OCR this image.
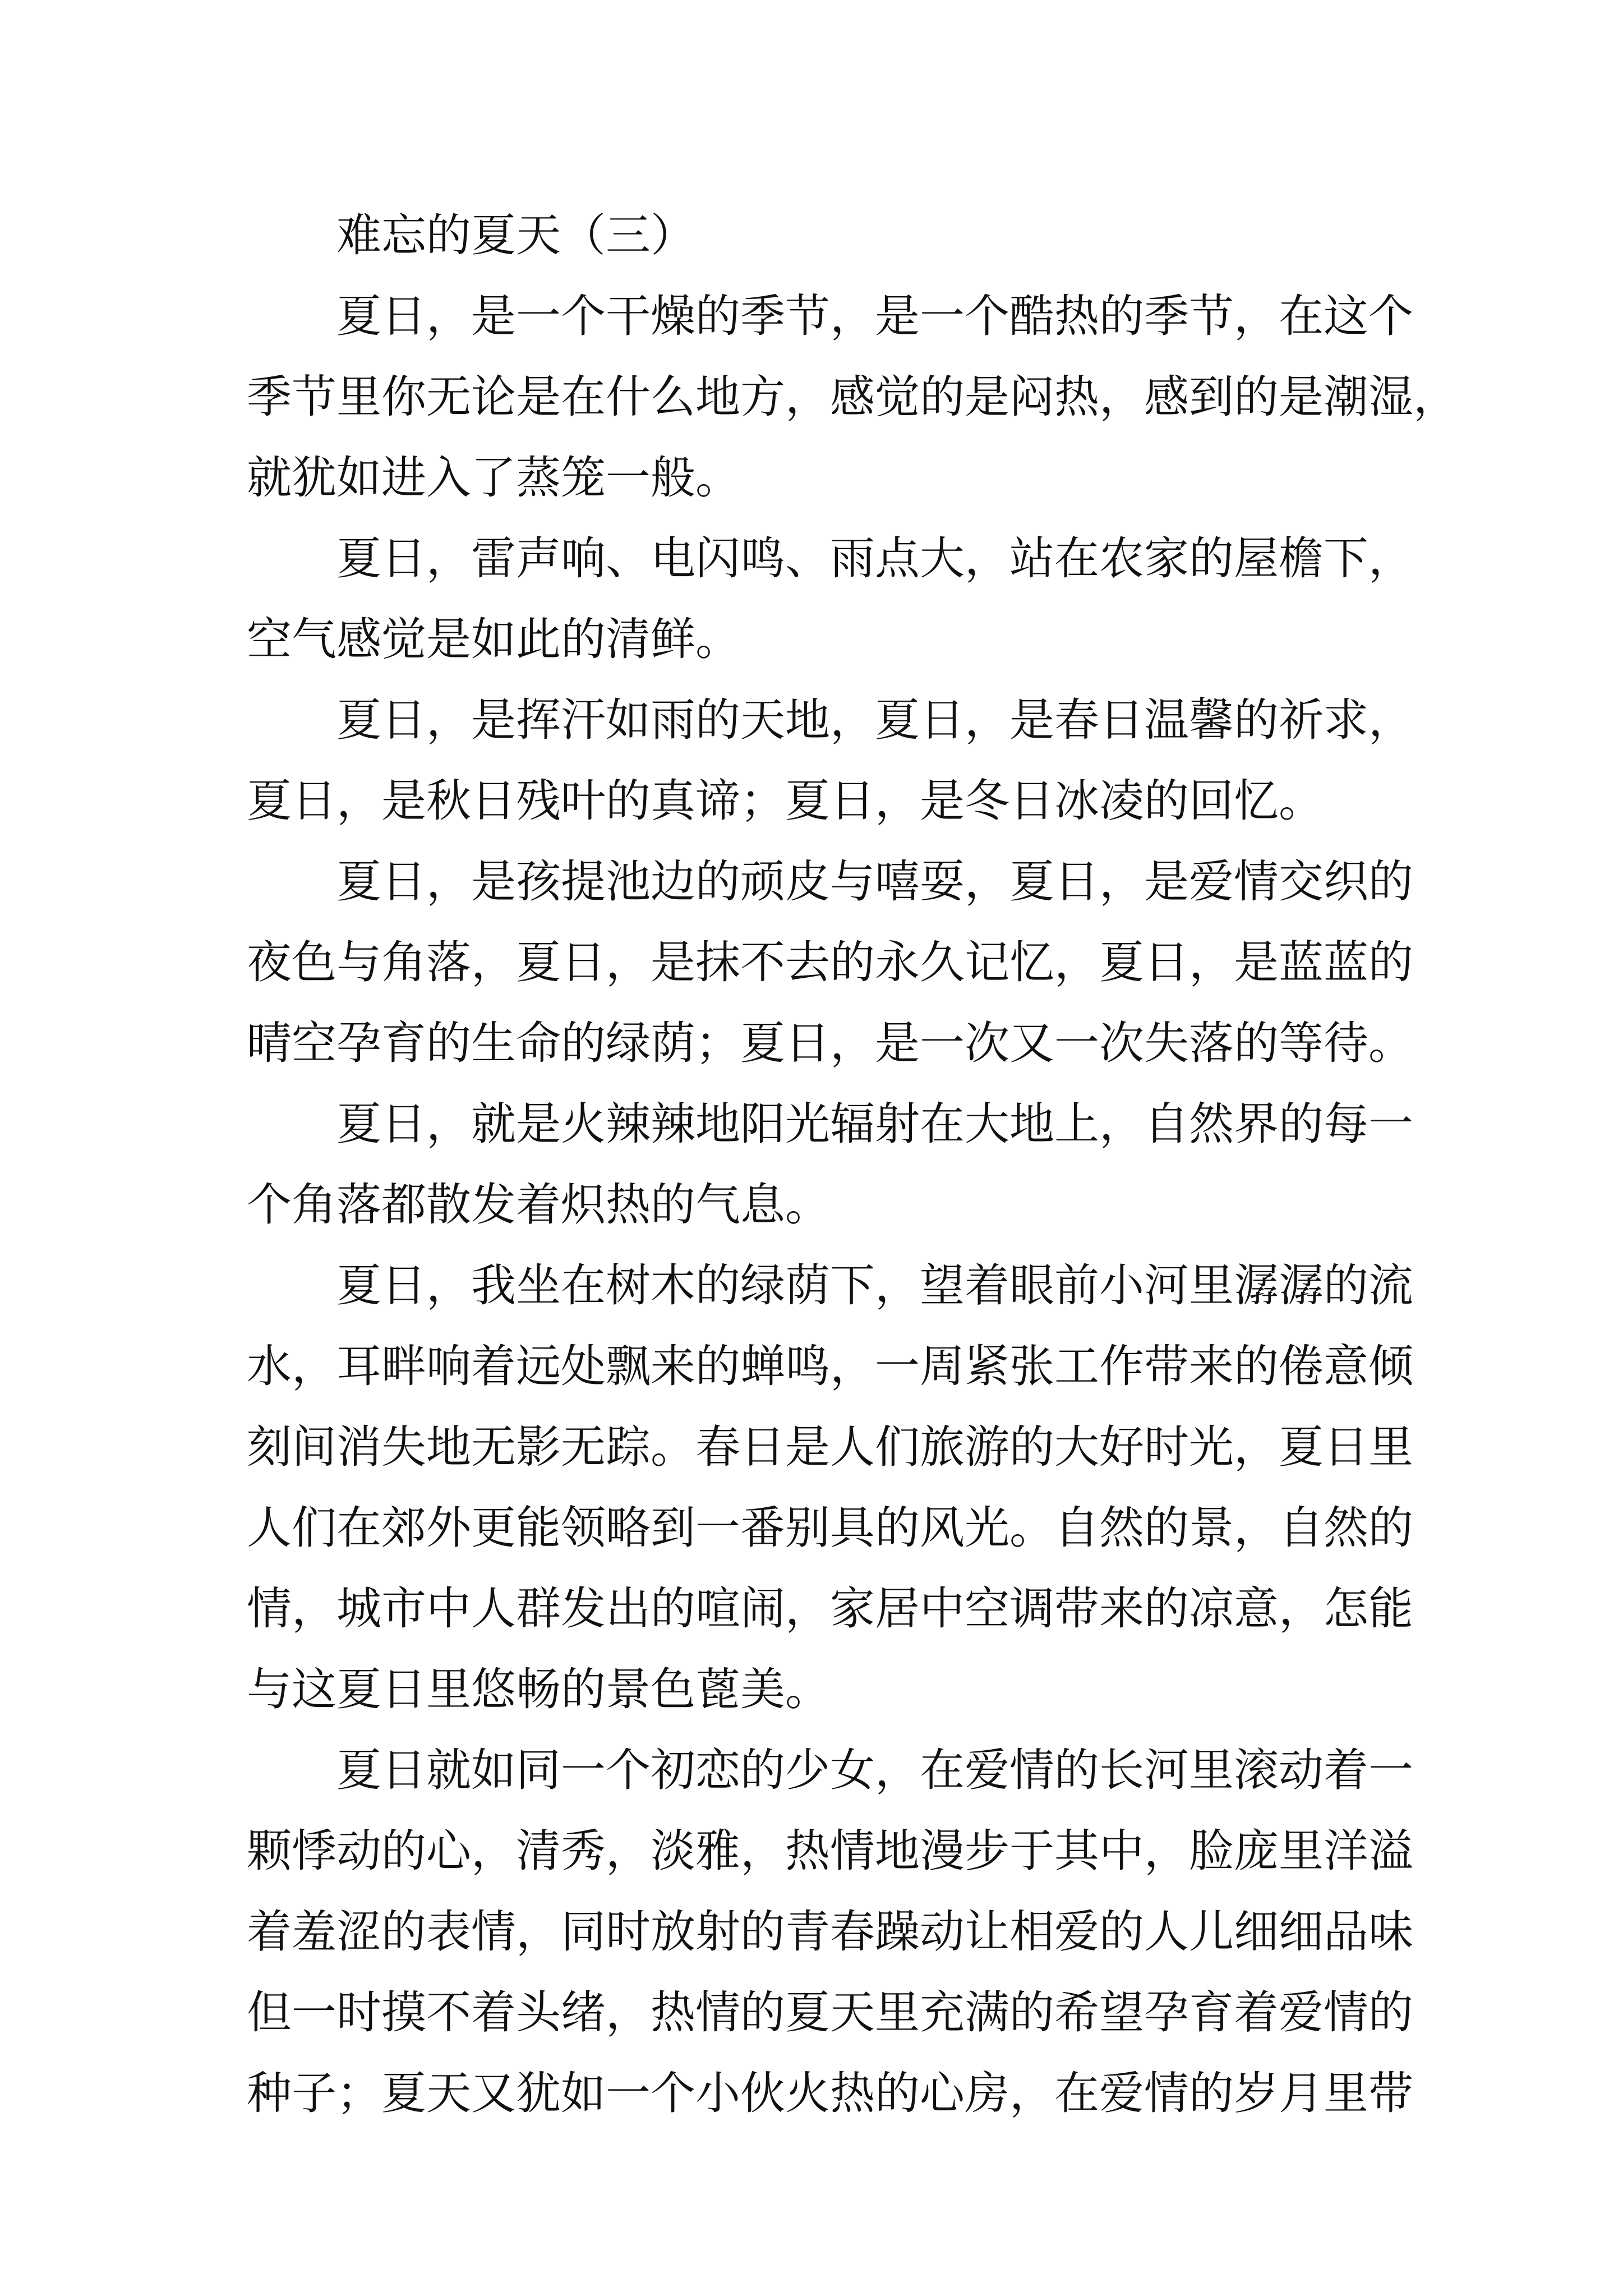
难忘的夏天（三）

夏日，是一个干燥的季节，是一个酷热的季节，在这个

季节里你无论是在什么地方，感觉的是闷热，感到的是潮湿，

就犹如进入了蒸笼一般。

夏日，雷声响、电闪鸣、雨点大，站在农家的屋檐下，

空气感觉是如此的清鲜。

夏日，是挥汗如雨的天地，夏日，是春日温馨的祈求，

夏日，是秋日残叶的真谛；夏日，是冬日冰凌的回忆。

夏日，是孩提池边的顽皮与嘻耍，夏日，是爱情交织的

夜色与角落，夏日，是抹不去的永久记忆，夏日，是蓝蓝的

晴空孕育的生命的绿荫；夏日，是一次又一次失落的等待。

夏日，就是火辣辣地阳光辐射在大地上，自然界的每一

个角落都散发着炽热的气息。

夏日，我坐在树木的绿荫下，望着眼前小河里潺潺的流

水，耳畔响着远处飘来的蝉鸣，一周紧张工作带来的倦意倾

刻间消失地无影无踪。春日是人们旅游的大好时光，夏日里

人们在郊外更能领略到一番别具的风光。自然的景，自然的

情，城市中人群发出的喧闹，家居中空调带来的凉意，怎能

与这夏日里悠畅的景色蓖美。

夏日就如同一个初恋的少女，在爱情的长河里滚动着一

颗悸动的心，清秀，淡雅，热情地漫步于其中，脸庞里洋溢

着羞涩的表情，同时放射的青春躁动让相爱的人儿细细品味

但一时摸不着头绪，热情的夏天里充满的希望孕育着爱情的

种子；夏天又犹如一个小伙火热的心房，在爱情的岁月里带
